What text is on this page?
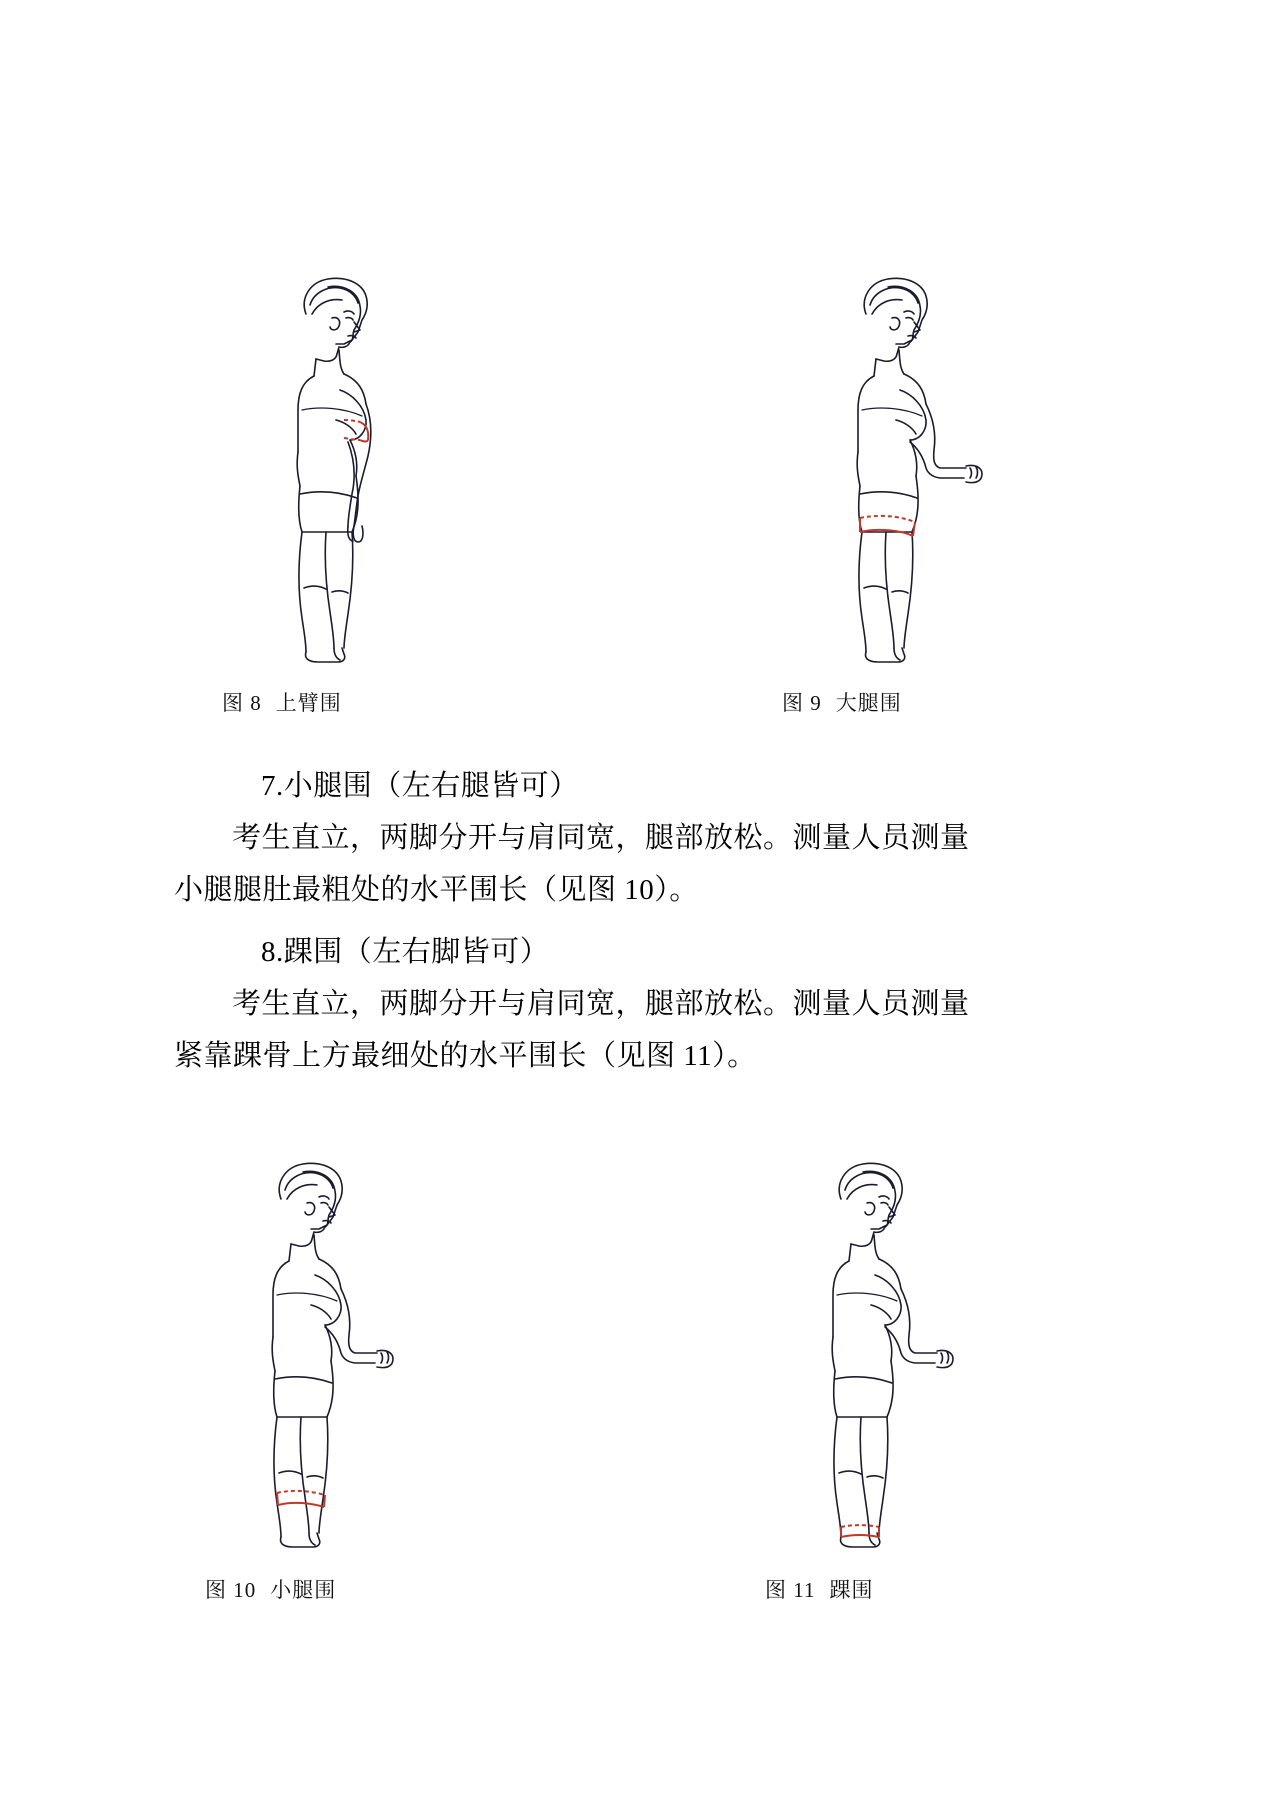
图 8 上臂围	图 9 大腿围
7.小腿围（左右腿皆可）
考生直立，两脚分开与肩同宽，腿部放松。测量人员测量
小腿腿肚最粗处的水平围长（见图 10）。
8.踝围（左右脚皆可）
考生直立，两脚分开与肩同宽，腿部放松。测量人员测量
紧靠踝骨上方最细处的水平围长（见图 11）。
图 10 小腿围	图 11 踝围
